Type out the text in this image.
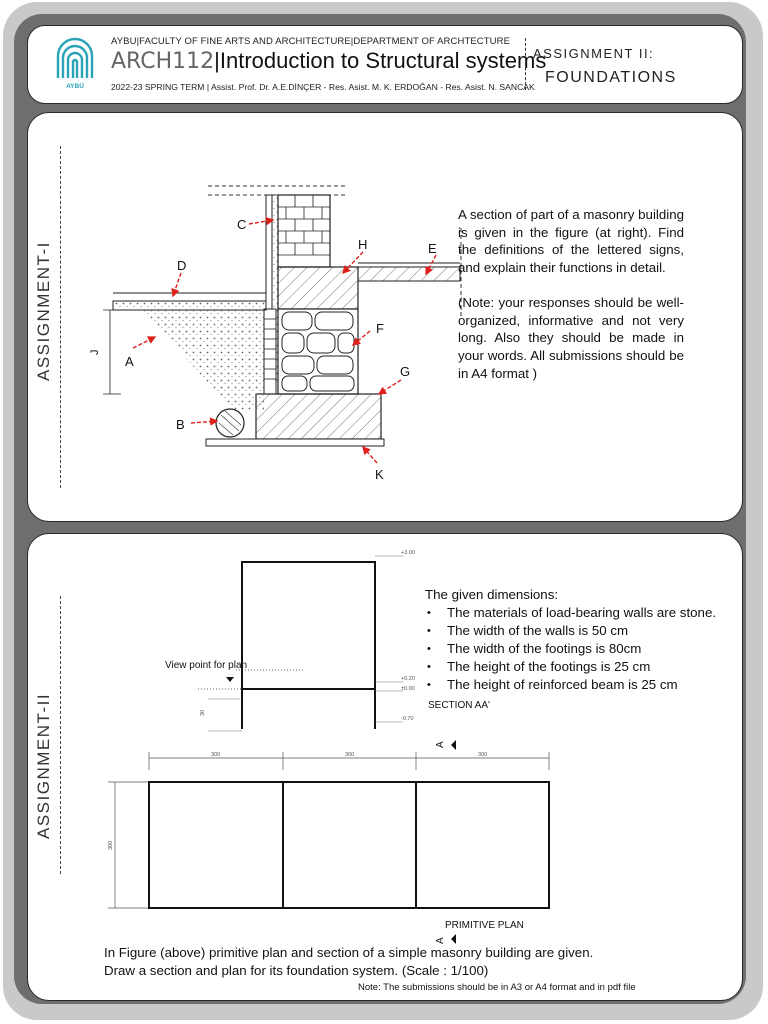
AYBÜ
AYBU|FACULTY OF FINE ARTS AND ARCHITECTURE|DEPARTMENT OF ARCHTECTURE
ARCH112|Introduction to Structural systems
2022-23 SPRING TERM | Assist. Prof. Dr. A.E.DİNÇER - Res. Asist. M. K. ERDOĞAN - Res. Asist. N. SANCAK
ASSIGNMENT II:
FOUNDATIONS
ASSIGNMENT-I
C
D
E
H
F
G
A
B
K
J

A section of part of a masonry building is given in the figure (at right). Find the definitions of the lettered signs, and explain their functions in detail.

(Note: your responses should be well-organized, informative and not very long. Also they should be made in your words. All submissions should be in A4 format )

ASSIGNMENT-II
+3.00
+0.20
±0.00
-0.70
30
View point for plan
SECTION AA'
A
A
300	300	300
300
PRIMITIVE PLAN
The given dimensions:
• The materials of load-bearing walls are stone.
• The width of the walls is 50 cm
• The width of the footings is 80cm
• The height of the footings is 25 cm
• The height of reinforced beam is 25 cm
In Figure (above) primitive plan and section of a simple masonry building are given.
Draw a section and plan for its foundation system. (Scale : 1/100)
Note: The submissions should be in A3 or A4 format and in pdf file
